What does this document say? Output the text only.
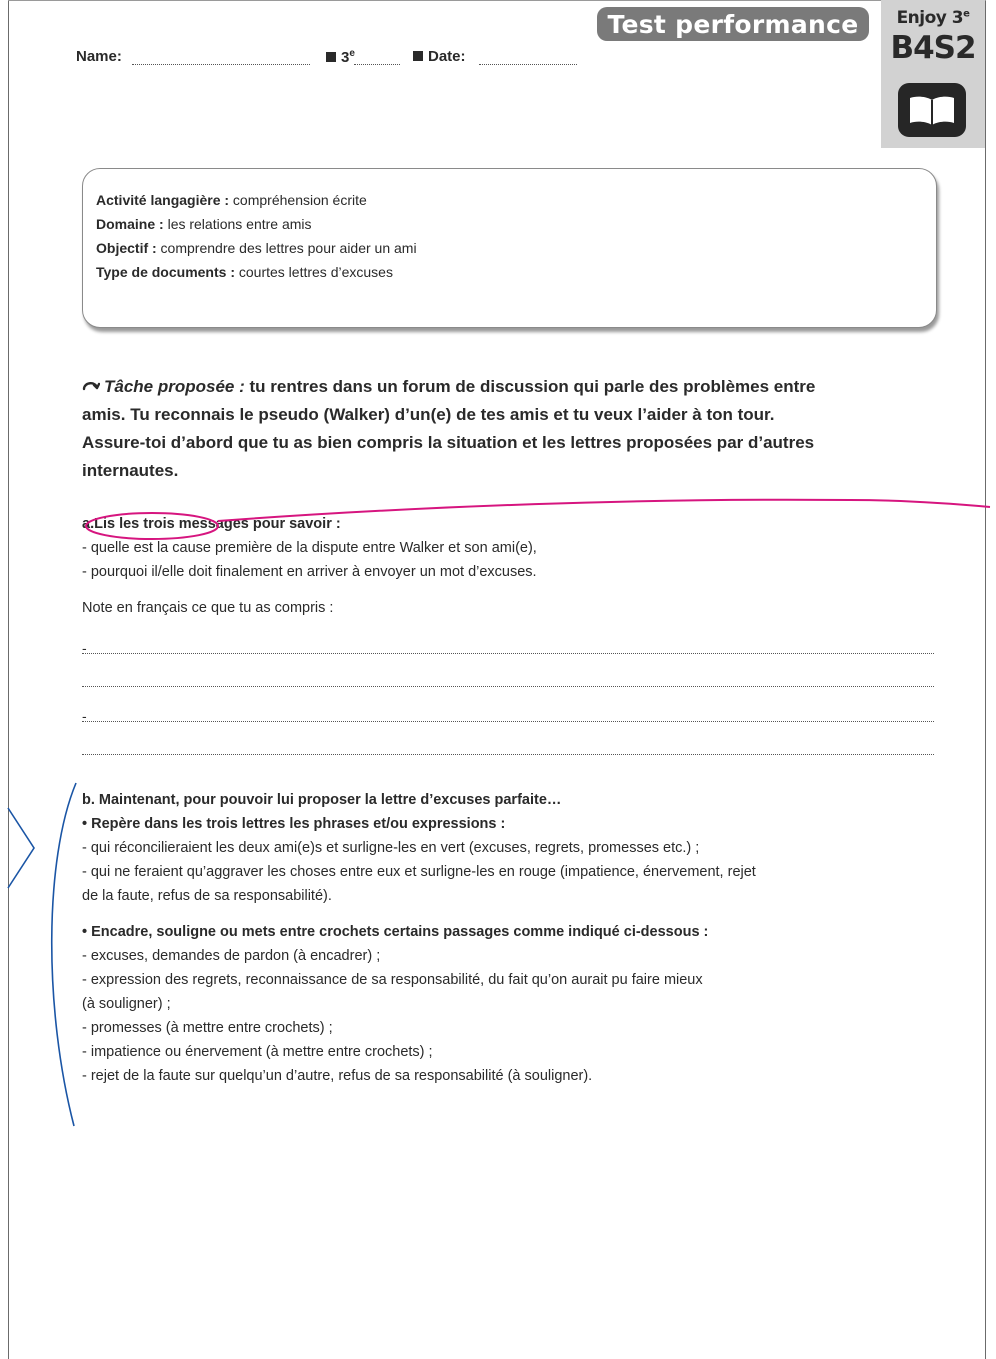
Test performance	Enjoy 3e
B4S2
Name:	3e	Date:
Activité langagière : compréhension écrite
Domaine : les relations entre amis
Objectif : comprendre des lettres pour aider un ami
Type de documents : courtes lettres d’excuses
Tâche proposée : tu rentres dans un forum de discussion qui parle des problèmes entre
amis. Tu reconnais le pseudo (Walker) d’un(e) de tes amis et tu veux l’aider à ton tour.
Assure-toi d’abord que tu as bien compris la situation et les lettres proposées par d’autres
internautes.
a.Lis les trois messages pour savoir :
- quelle est la cause première de la dispute entre Walker et son ami(e),
- pourquoi il/elle doit finalement en arriver à envoyer un mot d’excuses.
Note en français ce que tu as compris :
-
-
b. Maintenant, pour pouvoir lui proposer la lettre d’excuses parfaite…
• Repère dans les trois lettres les phrases et/ou expressions :
- qui réconcilieraient les deux ami(e)s et surligne-les en vert (excuses, regrets, promesses etc.) ;
- qui ne feraient qu’aggraver les choses entre eux et surligne-les en rouge (impatience, énervement, rejet
de la faute, refus de sa responsabilité).
• Encadre, souligne ou mets entre crochets certains passages comme indiqué ci-dessous :
- excuses, demandes de pardon (à encadrer) ;
- expression des regrets, reconnaissance de sa responsabilité, du fait qu’on aurait pu faire mieux
(à souligner) ;
- promesses (à mettre entre crochets) ;
- impatience ou énervement (à mettre entre crochets) ;
- rejet de la faute sur quelqu’un d’autre, refus de sa responsabilité (à souligner).
